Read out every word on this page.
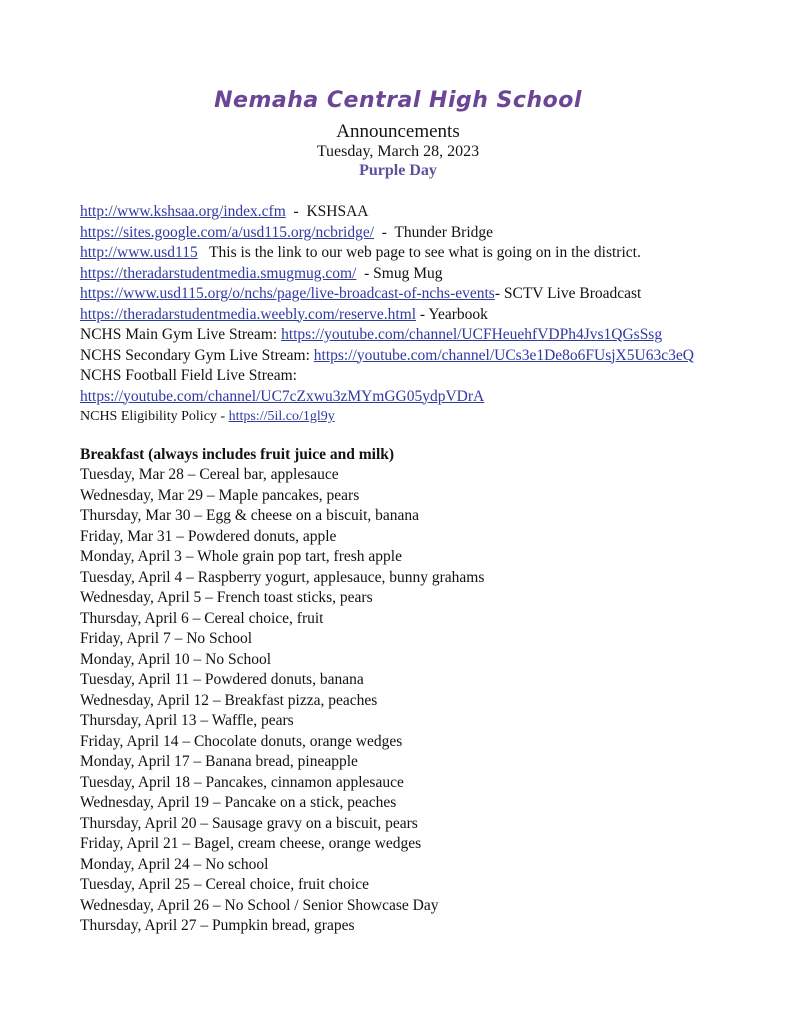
Nemaha Central High School
Announcements
Tuesday, March 28, 2023
Purple Day
http://www.kshsaa.org/index.cfm  -  KSHSAA
https://sites.google.com/a/usd115.org/ncbridge/  -  Thunder Bridge
http://www.usd115   This is the link to our web page to see what is going on in the district.
https://theradarstudentmedia.smugmug.com/  - Smug Mug
https://www.usd115.org/o/nchs/page/live-broadcast-of-nchs-events- SCTV Live Broadcast
https://theradarstudentmedia.weebly.com/reserve.html - Yearbook
NCHS Main Gym Live Stream: https://youtube.com/channel/UCFHeuehfVDPh4Jvs1QGsSsg
NCHS Secondary Gym Live Stream: https://youtube.com/channel/UCs3e1De8o6FUsjX5U63c3eQ
NCHS Football Field Live Stream:
https://youtube.com/channel/UC7cZxwu3zMYmGG05ydpVDrA
NCHS Eligibility Policy - https://5il.co/1gl9y
Breakfast (always includes fruit juice and milk)
Tuesday, Mar 28 – Cereal bar, applesauce
Wednesday, Mar 29 – Maple pancakes, pears
Thursday, Mar 30 – Egg & cheese on a biscuit, banana
Friday, Mar 31 – Powdered donuts, apple
Monday, April 3 – Whole grain pop tart, fresh apple
Tuesday, April 4 – Raspberry yogurt, applesauce, bunny grahams
Wednesday, April 5 – French toast sticks, pears
Thursday, April 6 – Cereal choice, fruit
Friday, April 7 – No School
Monday, April 10 – No School
Tuesday, April 11 – Powdered donuts, banana
Wednesday, April 12 – Breakfast pizza, peaches
Thursday, April 13 – Waffle, pears
Friday, April 14 – Chocolate donuts, orange wedges
Monday, April 17 – Banana bread, pineapple
Tuesday, April 18 – Pancakes, cinnamon applesauce
Wednesday, April 19 – Pancake on a stick, peaches
Thursday, April 20 – Sausage gravy on a biscuit, pears
Friday, April 21 – Bagel, cream cheese, orange wedges
Monday, April 24 – No school
Tuesday, April 25 – Cereal choice, fruit choice
Wednesday, April 26 – No School / Senior Showcase Day
Thursday, April 27 – Pumpkin bread, grapes
